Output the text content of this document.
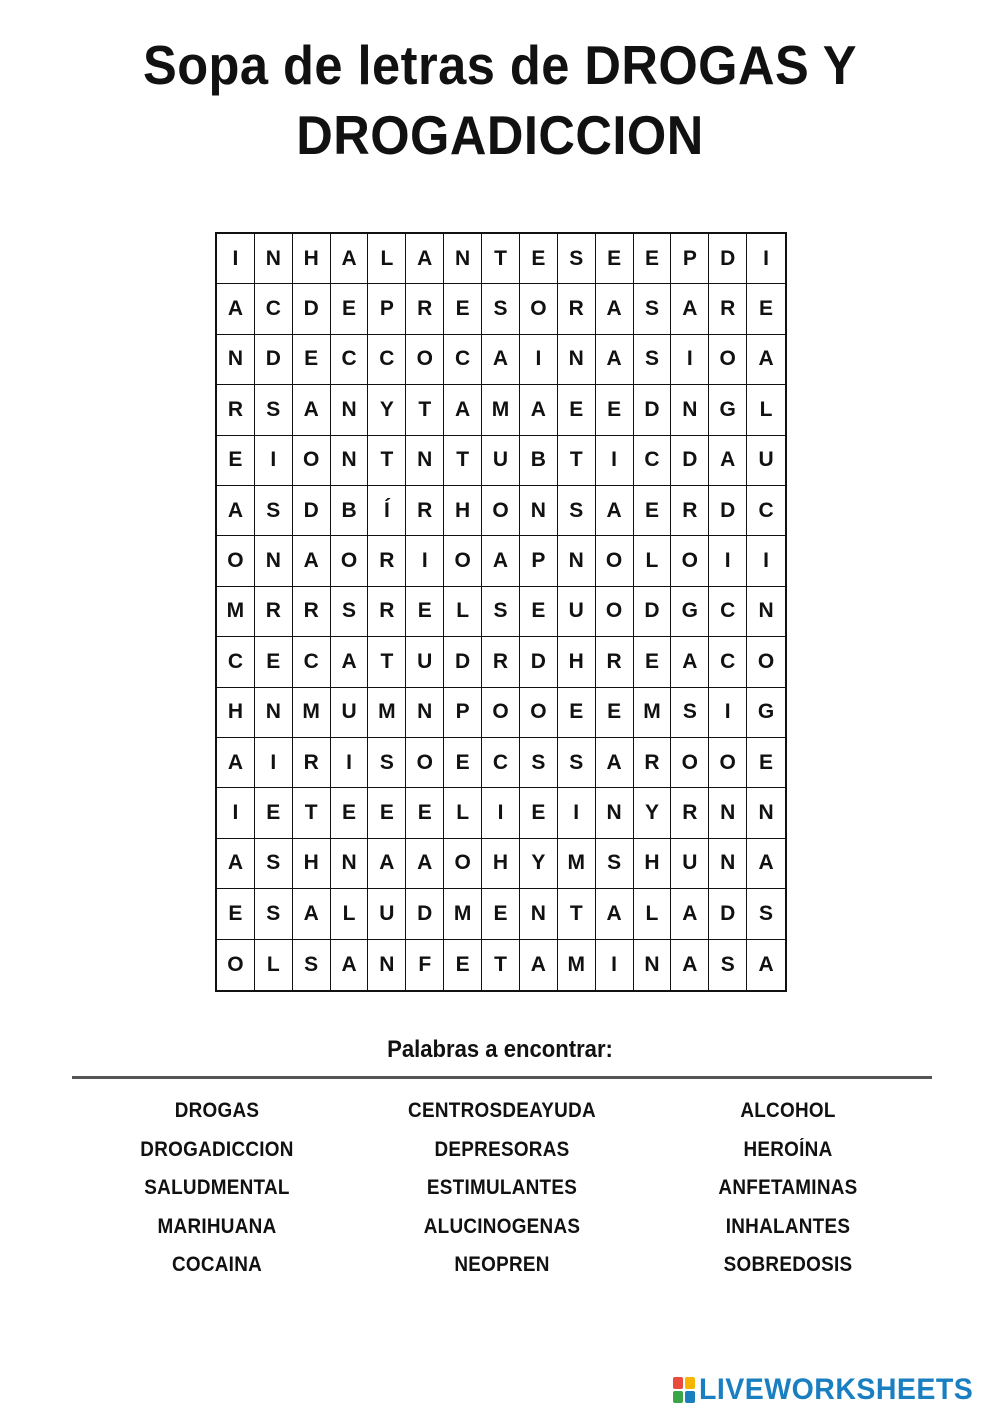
Sopa de letras de DROGAS Y
DROGADICCION
I	N	H	A	L	A	N	T	E	S	E	E	P	D	I
A	C	D	E	P	R	E	S	O	R	A	S	A	R	E
N	D	E	C	C	O	C	A	I	N	A	S	I	O	A
R	S	A	N	Y	T	A	M	A	E	E	D	N	G	L
E	I	O	N	T	N	T	U	B	T	I	C	D	A	U
A	S	D	B	Í	R	H	O	N	S	A	E	R	D	C
O	N	A	O	R	I	O	A	P	N	O	L	O	I	I
M	R	R	S	R	E	L	S	E	U	O	D	G	C	N
C	E	C	A	T	U	D	R	D	H	R	E	A	C	O
H	N	M	U	M	N	P	O	O	E	E	M	S	I	G
A	I	R	I	S	O	E	C	S	S	A	R	O	O	E
I	E	T	E	E	E	L	I	E	I	N	Y	R	N	N
A	S	H	N	A	A	O	H	Y	M	S	H	U	N	A
E	S	A	L	U	D	M	E	N	T	A	L	A	D	S
O	L	S	A	N	F	E	T	A	M	I	N	A	S	A
Palabras a encontrar:
DROGAS
DROGADICCION
SALUDMENTAL
MARIHUANA
COCAINA
CENTROSDEAYUDA
DEPRESORAS
ESTIMULANTES
ALUCINOGENAS
NEOPREN
ALCOHOL
HEROÍNA
ANFETAMINAS
INHALANTES
SOBREDOSIS
LIVEWORKSHEETS
